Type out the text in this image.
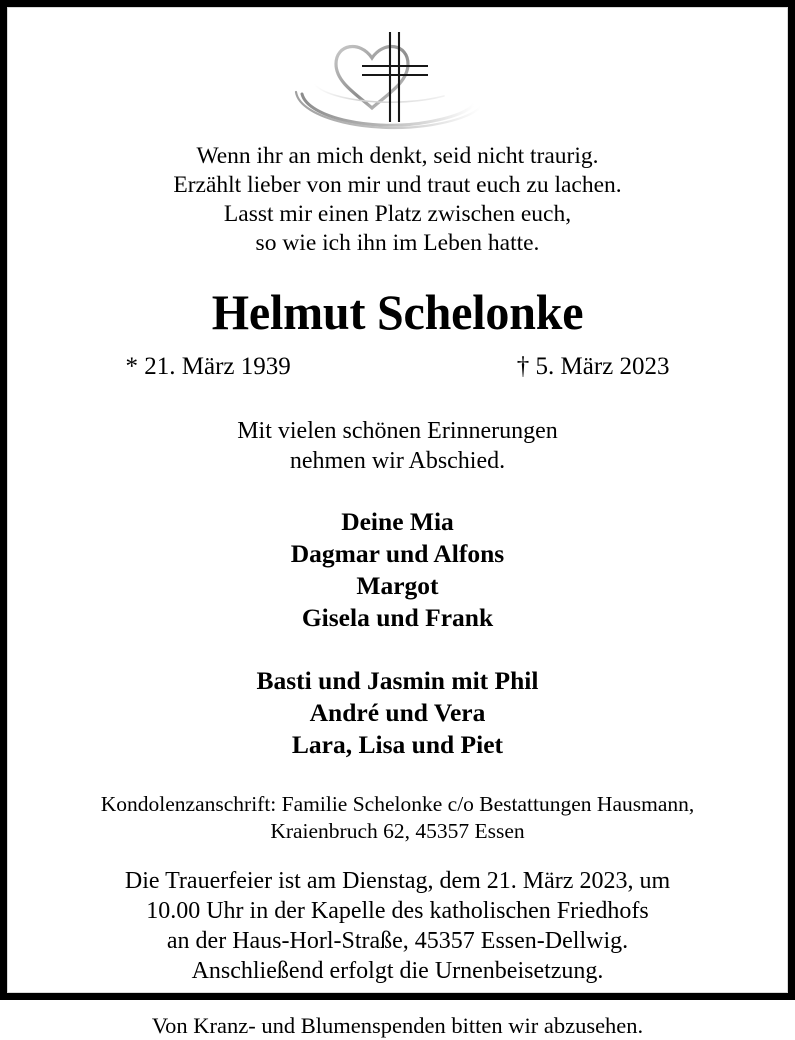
Wenn ihr an mich denkt, seid nicht traurig.
Erzählt lieber von mir und traut euch zu lachen.
Lasst mir einen Platz zwischen euch,
so wie ich ihn im Leben hatte.
Helmut Schelonke
* 21. März 1939	† 5. März 2023
Mit vielen schönen Erinnerungen
nehmen wir Abschied.
Deine Mia
Dagmar und Alfons
Margot
Gisela und Frank
Basti und Jasmin mit Phil
André und Vera
Lara, Lisa und Piet
Kondolenzanschrift: Familie Schelonke c/o Bestattungen Hausmann,
Kraienbruch 62, 45357 Essen
Die Trauerfeier ist am Dienstag, dem 21. März 2023, um
10.00 Uhr in der Kapelle des katholischen Friedhofs
an der Haus-Horl-Straße, 45357 Essen-Dellwig.
Anschließend erfolgt die Urnenbeisetzung.
Von Kranz- und Blumenspenden bitten wir abzusehen.
